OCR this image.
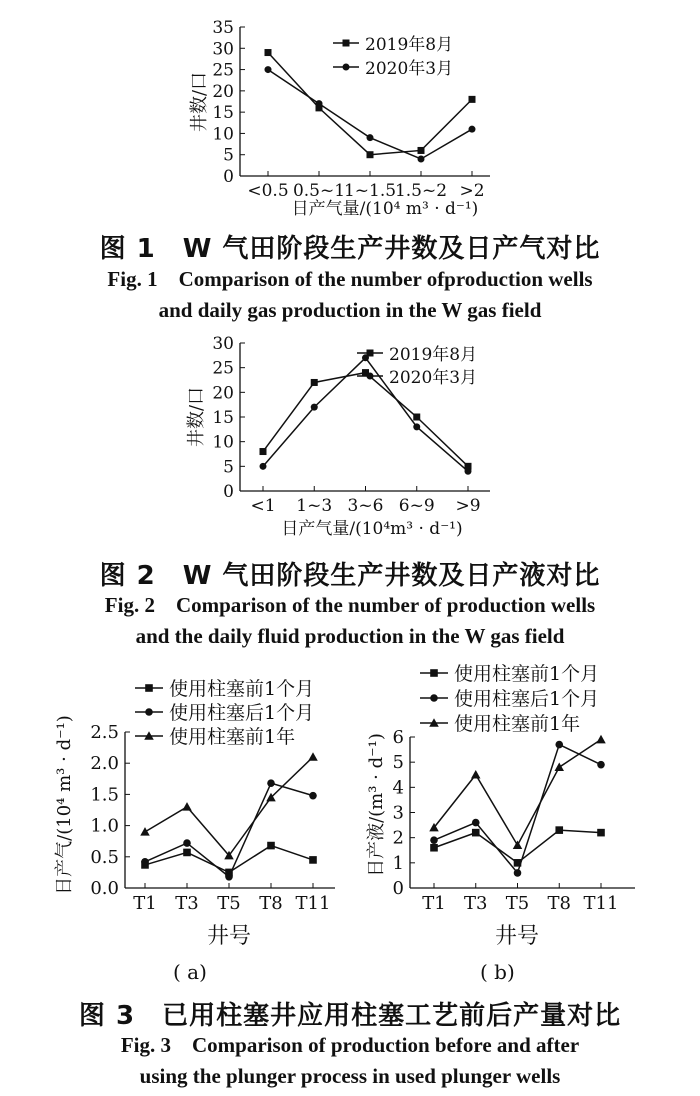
0
5
10
15
20
25
30
35
<0.5 0.5~1
1~1.5
1.5~2 >2
日产气量/(10⁴ m³ · d⁻¹)
井数/口
2019年8月
2020年3月
图 1　W 气田阶段生产井数及日产气对比
Fig. 1　Comparison of the number ofproduction wells
and daily gas production in the W gas field
0
5
10
15
20
25
30
<1 1~3 3~6 6~9 >9
日产气量/(10⁴m³ · d⁻¹)
井数/口
2019年8月
2020年3月
图 2　W 气田阶段生产井数及日产液对比
Fig. 2　Comparison of the number of production wells
and the daily fluid production in the W gas field
0.0
0.5
1.0
1.5
2.0
2.5
T1 T3 T5 T8 T11
井号
日产气/(10⁴ m³ · d⁻¹)
使用柱塞前1个月
使用柱塞后1个月
使用柱塞前1年
0
1
2
3
4
5
6
T1 T3 T5 T8 T11
井号
日产液/(m³ · d⁻¹)
使用柱塞前1个月
使用柱塞后1个月
使用柱塞前1年
( a)	( b)
图 3　已用柱塞井应用柱塞工艺前后产量对比
Fig. 3　Comparison of production before and after
using the plunger process in used plunger wells
